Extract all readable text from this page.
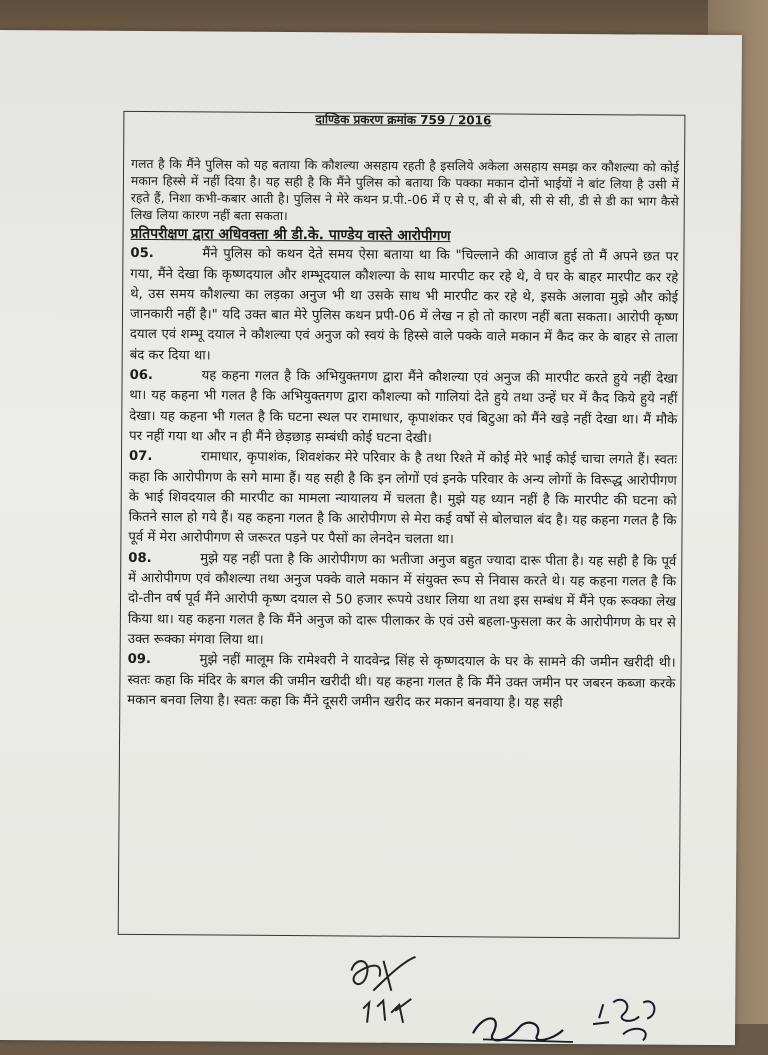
दाण्डिक प्रकरण क्रमांक 759 / 2016

गलत है कि मैंने पुलिस को यह बताया कि कौशल्या असहाय रहती है इसलिये अकेला असहाय समझ कर कौशल्या को कोई मकान हिस्से में नहीं दिया है। यह सही है कि मैंने पुलिस को बताया कि पक्का मकान दोनों भाईयों ने बांट लिया है उसी में रहते हैं, निशा कभी-कबार आती है। पुलिस ने मेरे कथन प्र.पी.-06 में ए से ए, बी से बी, सी से सी, डी से डी का भाग कैसे लिख लिया कारण नहीं बता सकता।

प्रतिपरीक्षण द्वारा अधिवक्ता श्री डी.के. पाण्डेय वास्ते आरोपीगण

05.	मैंने पुलिस को कथन देते समय ऐसा बताया था कि "चिल्लाने की आवाज हुई तो मैं अपने छत पर गया, मैंने देखा कि कृष्णदयाल और शम्भूदयाल कौशल्या के साथ मारपीट कर रहे थे, वे घर के बाहर मारपीट कर रहे थे, उस समय कौशल्या का लड़का अनुज भी था उसके साथ भी मारपीट कर रहे थे, इसके अलावा मुझे और कोई जानकारी नहीं है।" यदि उक्त बात मेरे पुलिस कथन प्रपी-06 में लेख न हो तो कारण नहीं बता सकता। आरोपी कृष्ण दयाल एवं शम्भू दयाल ने कौशल्या एवं अनुज को स्वयं के हिस्से वाले पक्के वाले मकान में कैद कर के बाहर से ताला बंद कर दिया था।

06.	यह कहना गलत है कि अभियुक्तगण द्वारा मैंने कौशल्या एवं अनुज की मारपीट करते हुये नहीं देखा था। यह कहना भी गलत है कि अभियुक्तगण द्वारा कौशल्या को गालियां देते हुये तथा उन्हें घर में कैद किये हुये नहीं देखा। यह कहना भी गलत है कि घटना स्थल पर रामाधार, कृपाशंकर एवं बिटुआ को मैंने खड़े नहीं देखा था। मैं मौके पर नहीं गया था और न ही मैंने छेड़छाड़ सम्बंधी कोई घटना देखी।

07.	रामाधार, कृपाशंक, शिवशंकर मेरे परिवार के है तथा रिश्ते में कोई मेरे भाई कोई चाचा लगते हैं। स्वतः कहा कि आरोपीगण के सगे मामा हैं। यह सही है कि इन लोगों एवं इनके परिवार के अन्य लोगों के विरूद्ध आरोपीगण के भाई शिवदयाल की मारपीट का मामला न्यायालय में चलता है। मुझे यह ध्यान नहीं है कि मारपीट की घटना को कितने साल हो गये हैं। यह कहना गलत है कि आरोपीगण से मेरा कई वर्षो से बोलचाल बंद है। यह कहना गलत है कि पूर्व में मेरा आरोपीगण से जरूरत पड़ने पर पैसों का लेनदेन चलता था।

08.	मुझे यह नहीं पता है कि आरोपीगण का भतीजा अनुज बहुत ज्यादा दारू पीता है। यह सही है कि पूर्व में आरोपीगण एवं कौशल्या तथा अनुज पक्के वाले मकान में संयुक्त रूप से निवास करते थे। यह कहना गलत है कि दो-तीन वर्ष पूर्व मैंने आरोपी कृष्ण दयाल से 50 हजार रूपये उधार लिया था तथा इस सम्बंध में मैंने एक रूक्का लेख किया था। यह कहना गलत है कि मैंने अनुज को दारू पीलाकर के एवं उसे बहला-फुसला कर के आरोपीगण के घर से उक्त रूक्का मंगवा लिया था।

09.	मुझे नहीं मालूम कि रामेश्वरी ने यादवेन्द्र सिंह से कृष्णदयाल के घर के सामने की जमीन खरीदी थी। स्वतः कहा कि मंदिर के बगल की जमीन खरीदी थी। यह कहना गलत है कि मैंने उक्त जमीन पर जबरन कब्जा करके मकान बनवा लिया है। स्वतः कहा कि मैंने दूसरी जमीन खरीद कर मकान बनवाया है। यह सही
